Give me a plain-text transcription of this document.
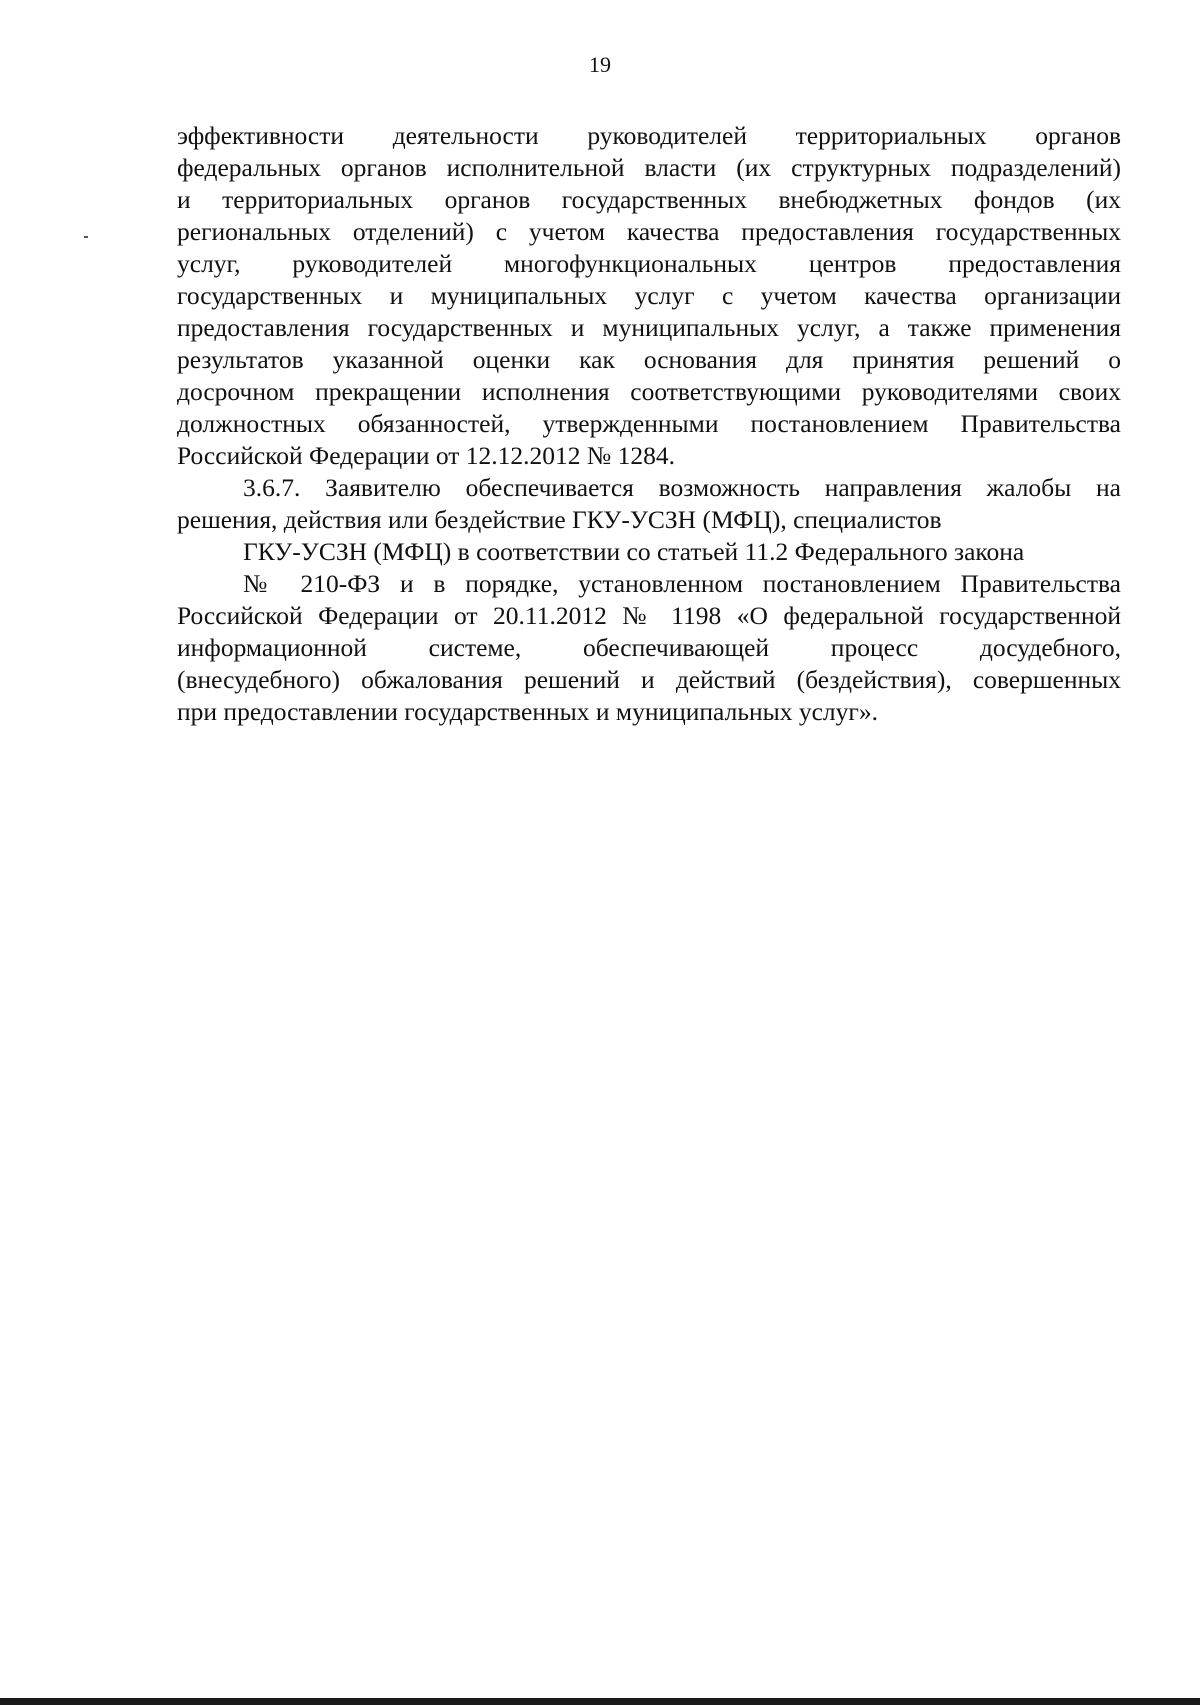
19
эффективности деятельности руководителей территориальных органов
федеральных органов исполнительной власти (их структурных подразделений)
и территориальных органов государственных внебюджетных фондов (их
региональных отделений) с учетом качества предоставления государственных
услуг, руководителей многофункциональных центров предоставления
государственных и муниципальных услуг с учетом качества организации
предоставления государственных и муниципальных услуг, а также применения
результатов указанной оценки как основания для принятия решений о
досрочном прекращении исполнения соответствующими руководителями своих
должностных обязанностей, утвержденными постановлением Правительства
Российской Федерации от 12.12.2012 № 1284.
3.6.7. Заявителю обеспечивается возможность направления жалобы на
решения, действия или бездействие ГКУ-УСЗН (МФЦ), специалистов
ГКУ-УСЗН (МФЦ) в соответствии со статьей 11.2 Федерального закона
№ 210-ФЗ и в порядке, установленном постановлением Правительства
Российской Федерации от 20.11.2012 № 1198 «О федеральной государственной
информационной системе, обеспечивающей процесс досудебного,
(внесудебного) обжалования решений и действий (бездействия), совершенных
при предоставлении государственных и муниципальных услуг».
